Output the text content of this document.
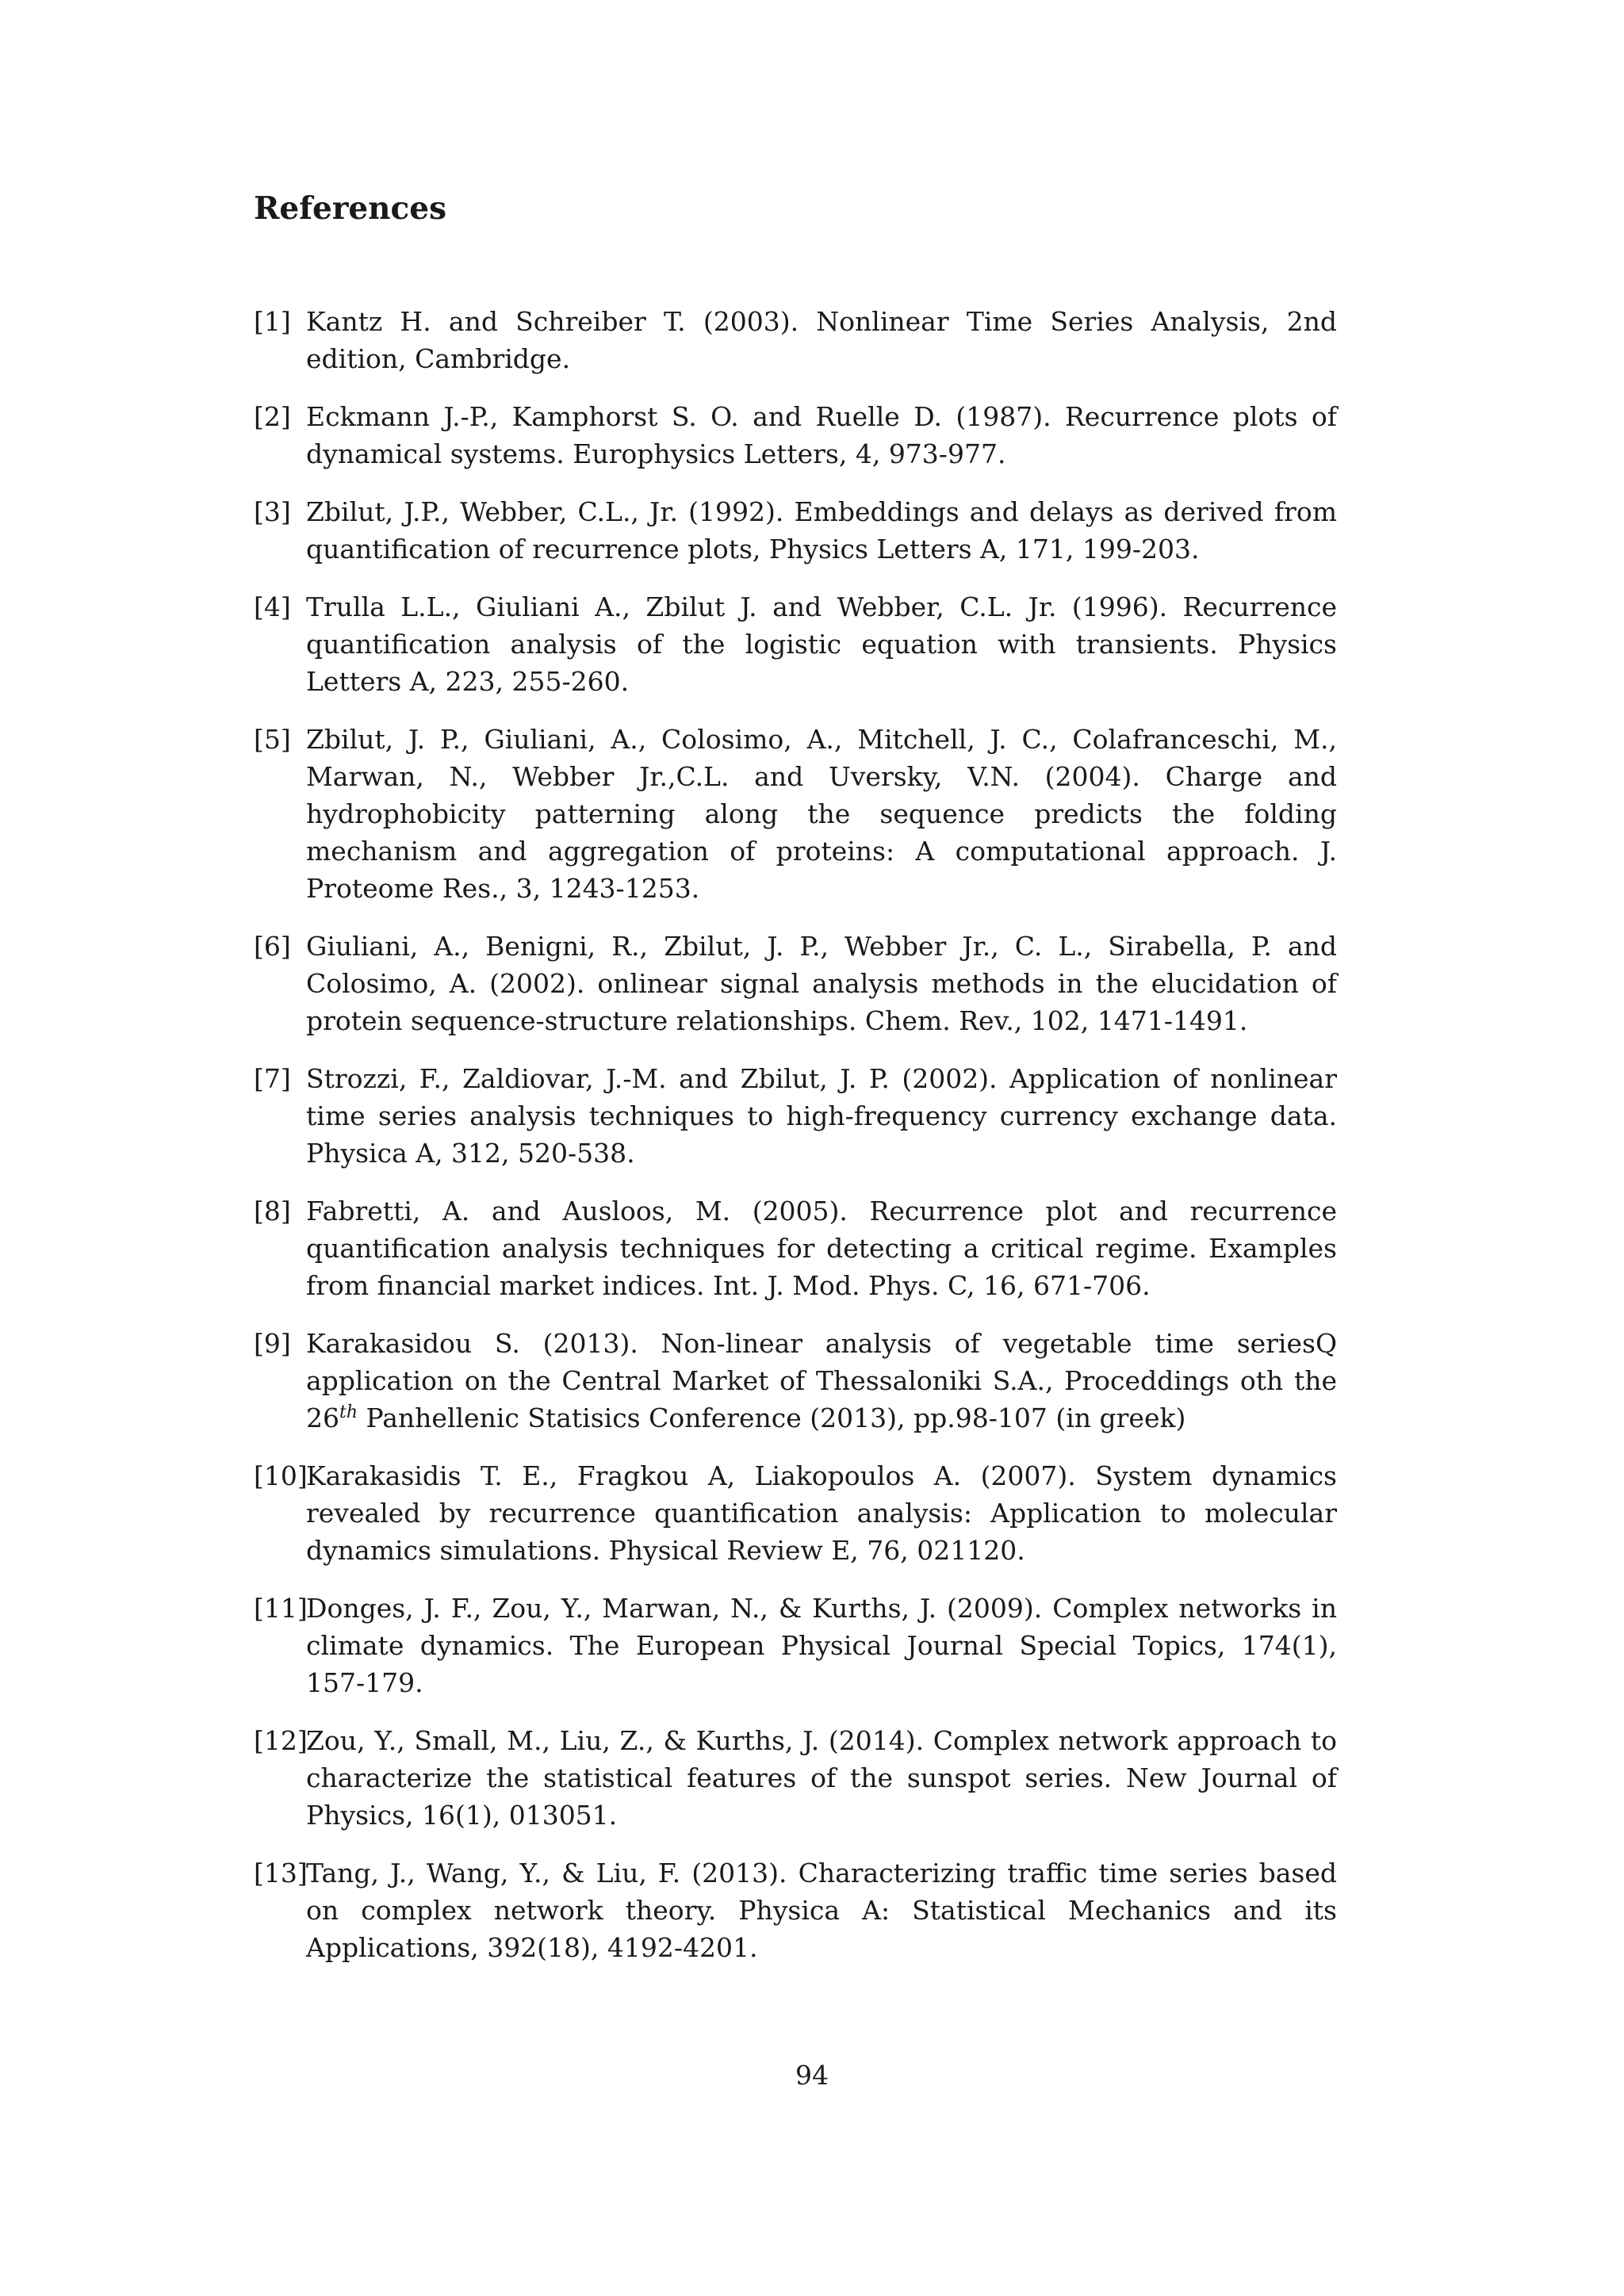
References
[1] Kantz H. and Schreiber T. (2003). Nonlinear Time Series Analysis, 2nd edition, Cambridge.
[2] Eckmann J.-P., Kamphorst S. O. and Ruelle D. (1987). Recurrence plots of dynamical systems. Europhysics Letters, 4, 973-977.
[3] Zbilut, J.P., Webber, C.L., Jr. (1992). Embeddings and delays as derived from quantification of recurrence plots, Physics Letters A, 171, 199-203.
[4] Trulla L.L., Giuliani A., Zbilut J. and Webber, C.L. Jr. (1996). Recurrence quantification analysis of the logistic equation with transients. Physics Letters A, 223, 255-260.
[5] Zbilut, J. P., Giuliani, A., Colosimo, A., Mitchell, J. C., Colafranceschi, M., Marwan, N., Webber Jr.,C.L. and Uversky, V.N. (2004). Charge and hydrophobicity patterning along the sequence predicts the folding mechanism and aggregation of proteins: A computational approach. J. Proteome Res., 3, 1243-1253.
[6] Giuliani, A., Benigni, R., Zbilut, J. P., Webber Jr., C. L., Sirabella, P. and Colosimo, A. (2002). onlinear signal analysis methods in the elucidation of protein sequence-structure relationships. Chem. Rev., 102, 1471-1491.
[7] Strozzi, F., Zaldiovar, J.-M. and Zbilut, J. P. (2002). Application of nonlinear time series analysis techniques to high-frequency currency exchange data. Physica A, 312, 520-538.
[8] Fabretti, A. and Ausloos, M. (2005). Recurrence plot and recurrence quantification analysis techniques for detecting a critical regime. Examples from financial market indices. Int. J. Mod. Phys. C, 16, 671-706.
[9] Karakasidou S. (2013). Non-linear analysis of vegetable time seriesQ application on the Central Market of Thessaloniki S.A., Proceddings oth the 26th Panhellenic Statisics Conference (2013), pp.98-107 (in greek)
[10]
Karakasidis T. E., Fragkou A, Liakopoulos A. (2007). System dynamics revealed by recurrence quantification analysis: Application to molecular dynamics simulations. Physical Review E, 76, 021120.
[11]
Donges, J. F., Zou, Y., Marwan, N., & Kurths, J. (2009). Complex networks in climate dynamics. The European Physical Journal Special Topics, 174(1), 157-179.
[12]
Zou, Y., Small, M., Liu, Z., & Kurths, J. (2014). Complex network approach to characterize the statistical features of the sunspot series. New Journal of Physics, 16(1), 013051.
[13]
Tang, J., Wang, Y., & Liu, F. (2013). Characterizing traffic time series based on complex network theory. Physica A: Statistical Mechanics and its Applications, 392(18), 4192-4201.
94
